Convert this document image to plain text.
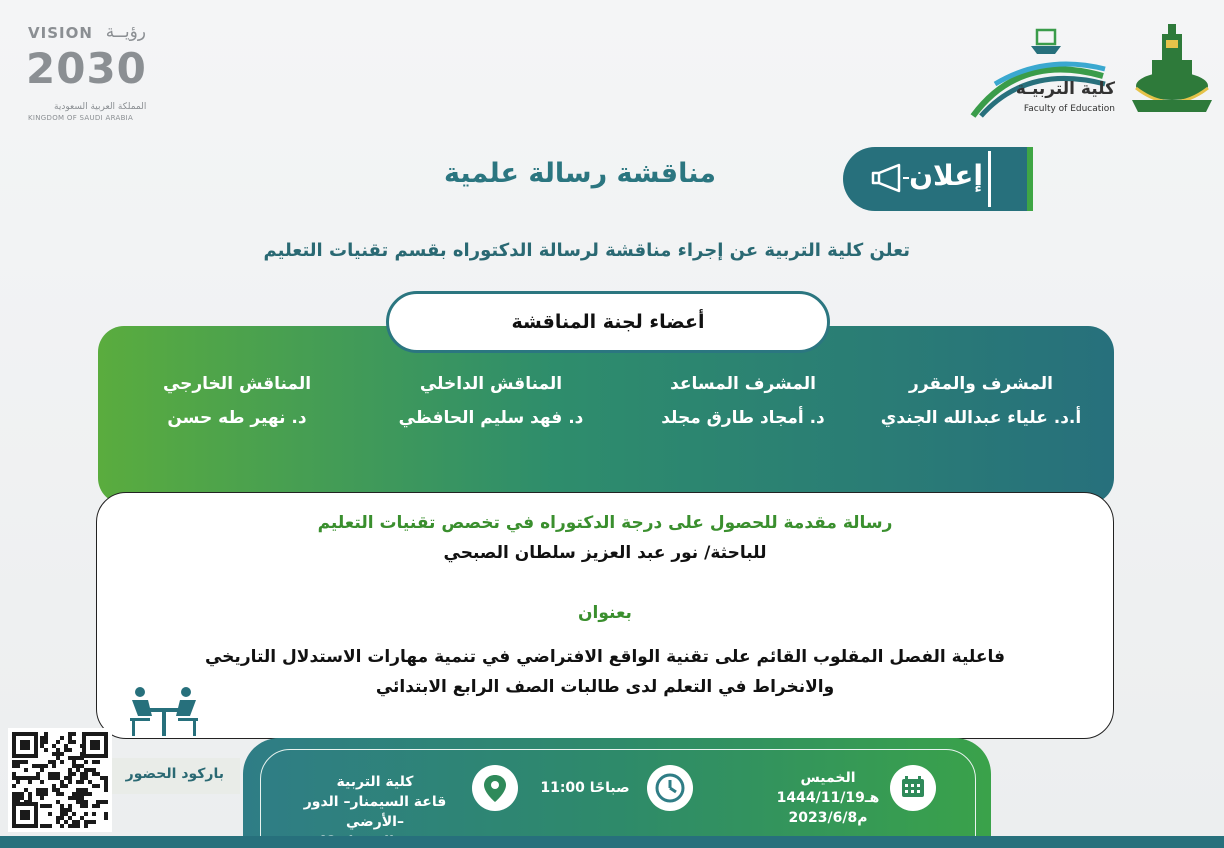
VISION رؤيــة
2030
المملكة العربية السعودية
KINGDOM OF SAUDI ARABIA
كلية التربيـة
Faculty of Education
إعلان
مناقشة رسالة علمية
تعلن كلية التربية عن إجراء مناقشة لرسالة الدكتوراه بقسم تقنيات التعليم
أعضاء لجنة المناقشة
المشرف والمقرر
أ.د. علياء عبدالله الجندي
المشرف المساعد
د. أمجاد طارق مجلد
المناقش الداخلي
د. فهد سليم الحافظي
المناقش الخارجي
د. نهير طه حسن
رسالة مقدمة للحصول على درجة الدكتوراه في تخصص تقنيات التعليم
للباحثة/ نور عبد العزيز سلطان الصبحي
بعنوان
فاعلية الفصل المقلوب القائم على تقنية الواقع الافتراضي في تنمية مهارات الاستدلال التاريخي
والانخراط في التعلم لدى طالبات الصف الرابع الابتدائي
الخميس
1444/11/19هـ
2023/6/8م
11:00 صباحًا
كلية التربية
قاعة السيمنار– الدور الأرضي–
باركود الحضور
